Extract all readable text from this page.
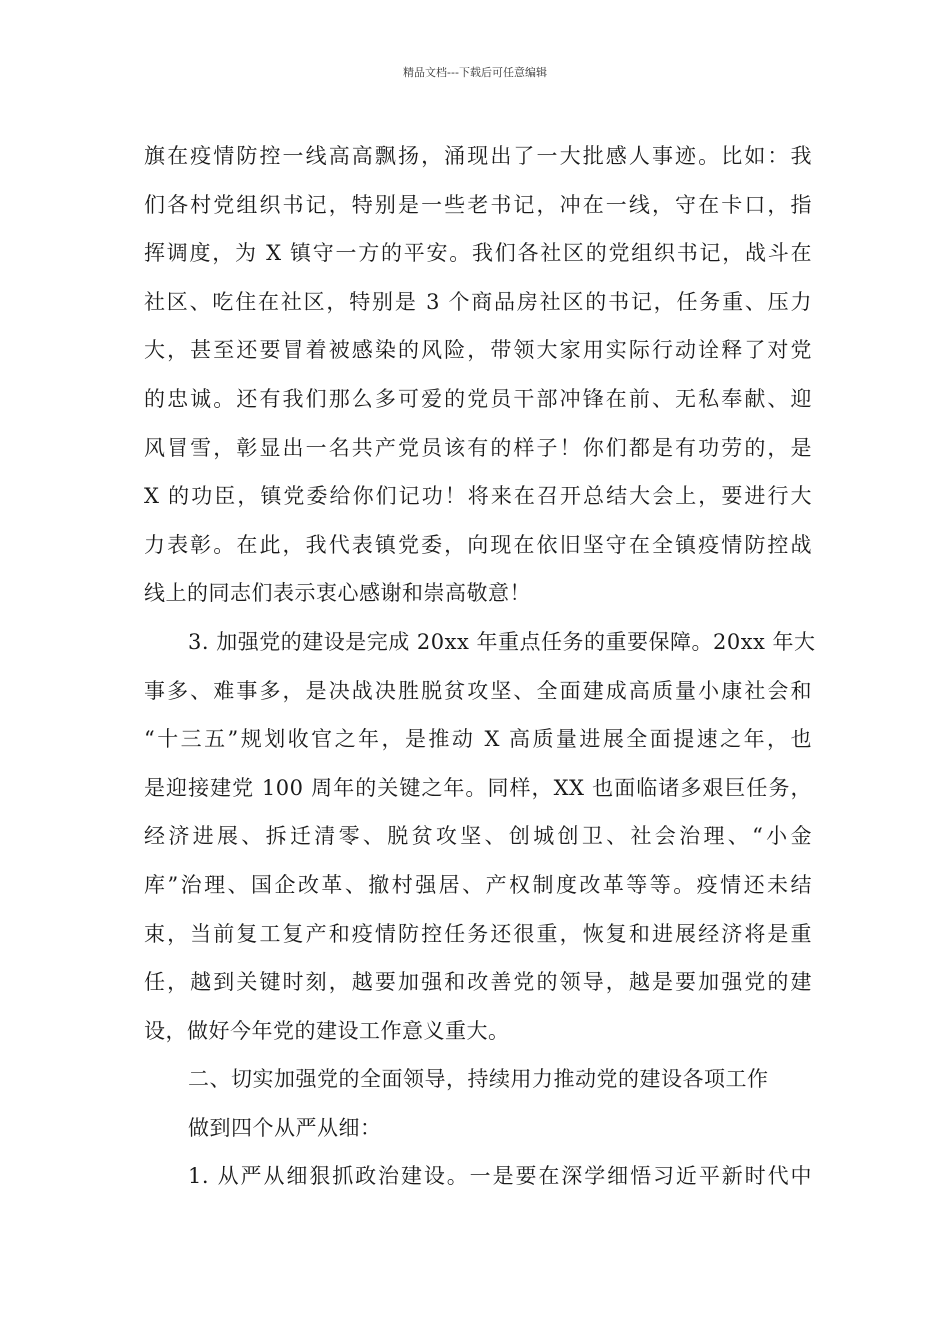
精品文档---下载后可任意编辑
旗在疫情防控一线高高飘扬，涌现出了一大批感人事迹。比如：我
们各村党组织书记，特别是一些老书记，冲在一线，守在卡口，指
挥调度，为 X 镇守一方的平安。我们各社区的党组织书记，战斗在
社区、吃住在社区，特别是 3 个商品房社区的书记，任务重、压力
大，甚至还要冒着被感染的风险，带领大家用实际行动诠释了对党
的忠诚。还有我们那么多可爱的党员干部冲锋在前、无私奉献、迎
风冒雪，彰显出一名共产党员该有的样子！你们都是有功劳的，是
X 的功臣，镇党委给你们记功！将来在召开总结大会上，要进行大
力表彰。在此，我代表镇党委，向现在依旧坚守在全镇疫情防控战
线上的同志们表示衷心感谢和崇高敬意！
3. 加强党的建设是完成 20xx 年重点任务的重要保障。20xx 年大
事多、难事多，是决战决胜脱贫攻坚、全面建成高质量小康社会和
“十三五”规划收官之年，是推动 X 高质量进展全面提速之年，也
是迎接建党 100 周年的关键之年。同样，XX 也面临诸多艰巨任务，
经济进展、拆迁清零、脱贫攻坚、创城创卫、社会治理、“小金
库”治理、国企改革、撤村强居、产权制度改革等等。疫情还未结
束，当前复工复产和疫情防控任务还很重，恢复和进展经济将是重
任，越到关键时刻，越要加强和改善党的领导，越是要加强党的建
设，做好今年党的建设工作意义重大。
二、切实加强党的全面领导，持续用力推动党的建设各项工作
做到四个从严从细：
1. 从严从细狠抓政治建设。一是要在深学细悟习近平新时代中
